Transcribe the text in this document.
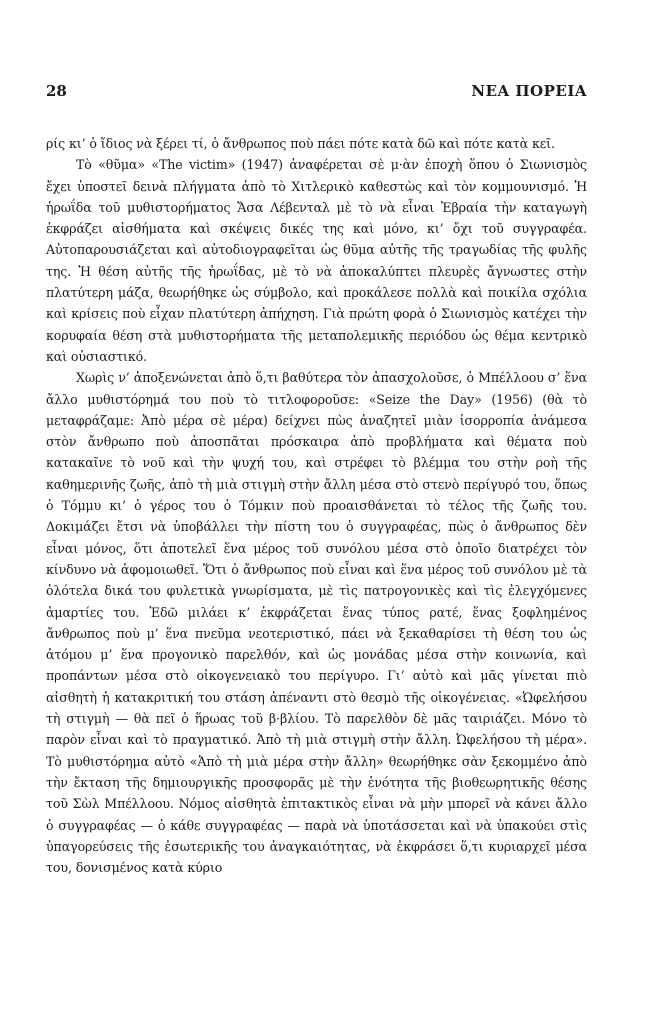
28	ΝΕΑ ΠΟΡΕΙΑ

ρίς κι’ ὁ ἴδιος νὰ ξέρει τί, ὁ ἄνθρωπος ποὺ πάει πότε κατὰ δῶ καὶ πότε κατὰ κεῖ.

Τὸ «θῦμα» «The victim» (1947) ἀναφέρεται σὲ μ·ὰν ἐποχὴ ὅπου ὁ Σιωνισμὸς ἔχει ὑποστεῖ δεινὰ πλήγματα ἀπὸ τὸ Χιτλερικὸ καθεστὼς καὶ τὸν κομμουνισμό. Ἡ ἡρωΐδα τοῦ μυθιστορήματος Ἄσα Λέβενταλ μὲ τὸ νὰ εἶναι Ἑβραία τὴν καταγωγὴ ἐκφράζει αἰσθήματα καὶ σκέψεις δικές της καὶ μόνο, κι’ ὄχι τοῦ συγγραφέα. Αὐτοπαρουσιάζεται καὶ αὐτοδιογραφεῖται ὡς θῦμα αὐτῆς τῆς τραγωδίας τῆς φυλῆς της. Ἡ θέση αὐτῆς τῆς ἡρωΐδας, μὲ τὸ νὰ ἀποκαλύπτει πλευρὲς ἄγνωστες στὴν πλατύτερη μάζα, θεωρήθηκε ὡς σύμβολο, καὶ προκάλεσε πολλὰ καὶ ποικίλα σχόλια καὶ κρίσεις ποὺ εἶχαν πλατύτερη ἀπήχηση. Γιὰ πρώτη φορὰ ὁ Σιωνισμὸς κατέχει τὴν κορυφαία θέση στὰ μυθιστορήματα τῆς μεταπολεμικῆς περιόδου ὡς θέμα κεντρικὸ καὶ οὐσιαστικό.

Χωρὶς ν’ ἀποξενώνεται ἀπὸ ὅ,τι βαθύτερα τὸν ἀπασχολοῦσε, ὁ Μπέλλοου σ’ ἕνα ἄλλο μυθιστόρημά του ποὺ τὸ τιτλοφοροῦσε: «Seize the Day» (1956) (θὰ τὸ μεταφράζαμε: Ἀπὸ μέρα σὲ μέρα) δείχνει πὼς ἀναζητεῖ μιὰν ἰσορροπία ἀνάμεσα στὸν ἄνθρωπο ποὺ ἀποσπᾶται πρόσκαιρα ἀπὸ προβλήματα καὶ θέματα ποὺ κατακαῖνε τὸ νοῦ καὶ τὴν ψυχή του, καὶ στρέφει τὸ βλέμμα του στὴν ροὴ τῆς καθημερινῆς ζωῆς, ἀπὸ τὴ μιὰ στιγμὴ στὴν ἄλλη μέσα στὸ στενὸ περίγυρό του, ὅπως ὁ Τόμμυ κι’ ὁ γέρος του ὁ Τόμκιν ποὺ προαισθάνεται τὸ τέλος τῆς ζωῆς του. Δοκιμάζει ἔτσι νὰ ὑποβάλλει τὴν πίστη του ὁ συγγραφέας, πὼς ὁ ἄνθρωπος δὲν εἶναι μόνος, ὅτι ἀποτελεῖ ἕνα μέρος τοῦ συνόλου μέσα στὸ ὁποῖο διατρέχει τὸν κίνδυνο νὰ ἀφομοιωθεῖ. Ὅτι ὁ ἄνθρωπος ποὺ εἶναι καὶ ἕνα μέρος τοῦ συνόλου μὲ τὰ ὁλότελα δικά του φυλετικὰ γνωρίσματα, μὲ τὶς πατρογονικὲς καὶ τὶς ἐλεγχόμενες ἁμαρτίες του. Ἐδῶ μιλάει κ’ ἐκφράζεται ἕνας τύπος ρατέ, ἕνας ξοφλημένος ἄνθρωπος ποὺ μ’ ἕνα πνεῦμα νεοτεριστικό, πάει νὰ ξεκαθαρίσει τὴ θέση του ὡς ἀτόμου μ’ ἕνα προγονικὸ παρελθόν, καὶ ὡς μονάδας μέσα στὴν κοινωνία, καὶ προπάντων μέσα στὸ οἰκογενειακὸ του περίγυρο. Γι’ αὐτὸ καὶ μᾶς γίνεται πιὸ αἰσθητὴ ἡ κατακριτική του στάση ἀπέναντι στὸ θεσμὸ τῆς οἰκογένειας. «Ὠφελήσου τὴ στιγμὴ — θὰ πεῖ ὁ ἥρωας τοῦ β·βλίου. Τὸ παρελθὸν δὲ μᾶς ταιριάζει. Μόνο τὸ παρὸν εἶναι καὶ τὸ πραγματικό. Ἀπὸ τὴ μιὰ στιγμὴ στὴν ἄλλη. Ὠφελήσου τὴ μέρα». Τὸ μυθιστόρημα αὐτὸ «Ἀπὸ τὴ μιὰ μέρα στὴν ἄλλη» θεωρήθηκε σὰν ξεκομμένο ἀπὸ τὴν ἔκταση τῆς δημιουργικῆς προσφορᾶς μὲ τὴν ἑνότητα τῆς βιοθεωρητικῆς θέσης τοῦ Σὼλ Μπέλλοου. Νόμος αἰσθητὰ ἐπιτακτικὸς εἶναι νὰ μὴν μπορεῖ νὰ κάνει ἄλλο ὁ συγγραφέας — ὁ κάθε συγγραφέας — παρὰ νὰ ὑποτάσσεται καὶ νὰ ὑπακούει στὶς ὑπαγορεύσεις τῆς ἐσωτερικῆς του ἀναγκαιότητας, νὰ ἐκφράσει ὅ,τι κυριαρχεῖ μέσα του, δονισμένος κατὰ κύριο
